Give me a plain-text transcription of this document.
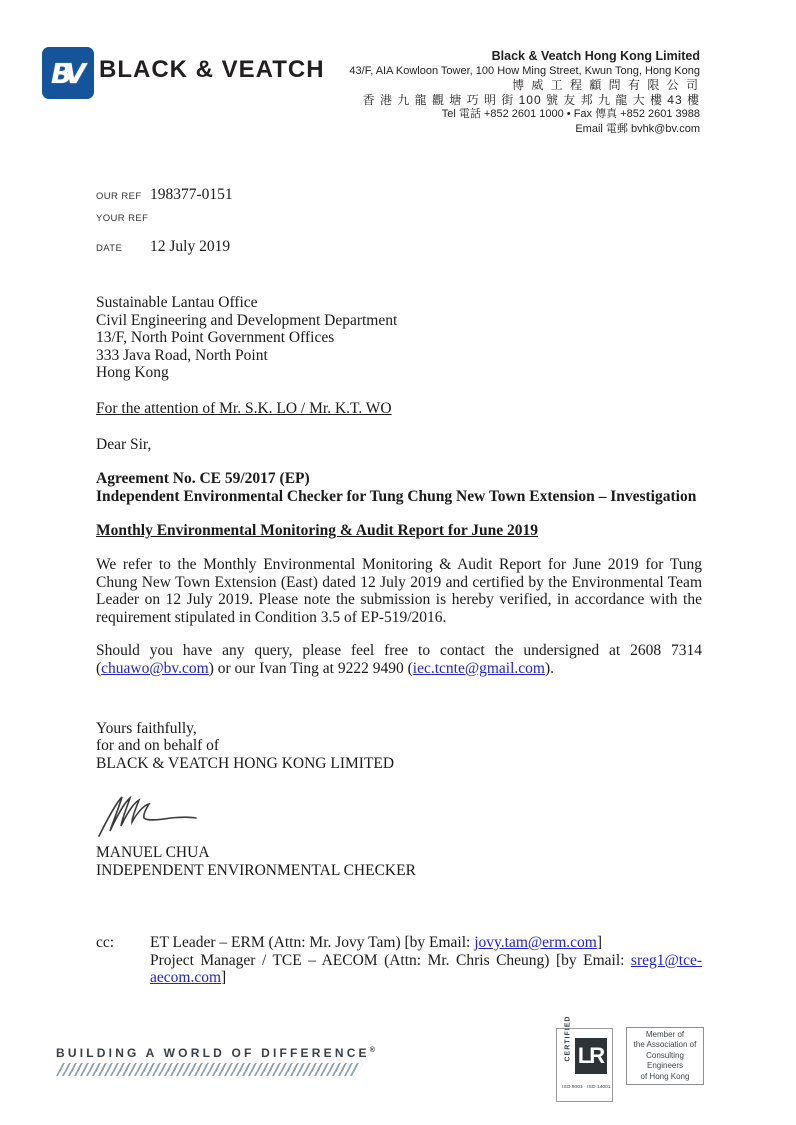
BV BLACK & VEATCH	Black & Veatch Hong Kong Limited
43/F, AIA Kowloon Tower, 100 How Ming Street, Kwun Tong, Hong Kong
博 威 工 程 顧 問 有 限 公 司
香 港 九 龍 觀 塘 巧 明 街 100 號 友 邦 九 龍 大 樓 43 樓
Tel 電話 +852 2601 1000 • Fax 傳真 +852 2601 3988
Email 電郵 bvhk@bv.com
OUR REF 198377-0151
YOUR REF
DATE	12 July 2019
Sustainable Lantau Office
Civil Engineering and Development Department
13/F, North Point Government Offices
333 Java Road, North Point
Hong Kong
For the attention of Mr. S.K. LO / Mr. K.T. WO
Dear Sir,
Agreement No. CE 59/2017 (EP)
Independent Environmental Checker for Tung Chung New Town Extension – Investigation
Monthly Environmental Monitoring & Audit Report for June 2019
We refer to the Monthly Environmental Monitoring & Audit Report for June 2019 for Tung Chung New Town Extension (East) dated 12 July 2019 and certified by the Environmental Team Leader on 12 July 2019. Please note the submission is hereby verified, in accordance with the requirement stipulated in Condition 3.5 of EP-519/2016.
Should you have any query, please feel free to contact the undersigned at 2608 7314 (chuawo@bv.com) or our Ivan Ting at 9222 9490 (iec.tcnte@gmail.com).
Yours faithfully,
for and on behalf of
BLACK & VEATCH HONG KONG LIMITED
MANUEL CHUA
INDEPENDENT ENVIRONMENTAL CHECKER
cc:	ET Leader – ERM (Attn: Mr. Jovy Tam) [by Email: jovy.tam@erm.com]
Project Manager / TCE – AECOM (Attn: Mr. Chris Cheung) [by Email: sreg1@tce-aecom.com]
BUILDING A WORLD OF DIFFERENCE®	CERTIFIED LR
ISO 9001 · ISO 14001
Member of
the Association of
Consulting Engineers
of Hong Kong
